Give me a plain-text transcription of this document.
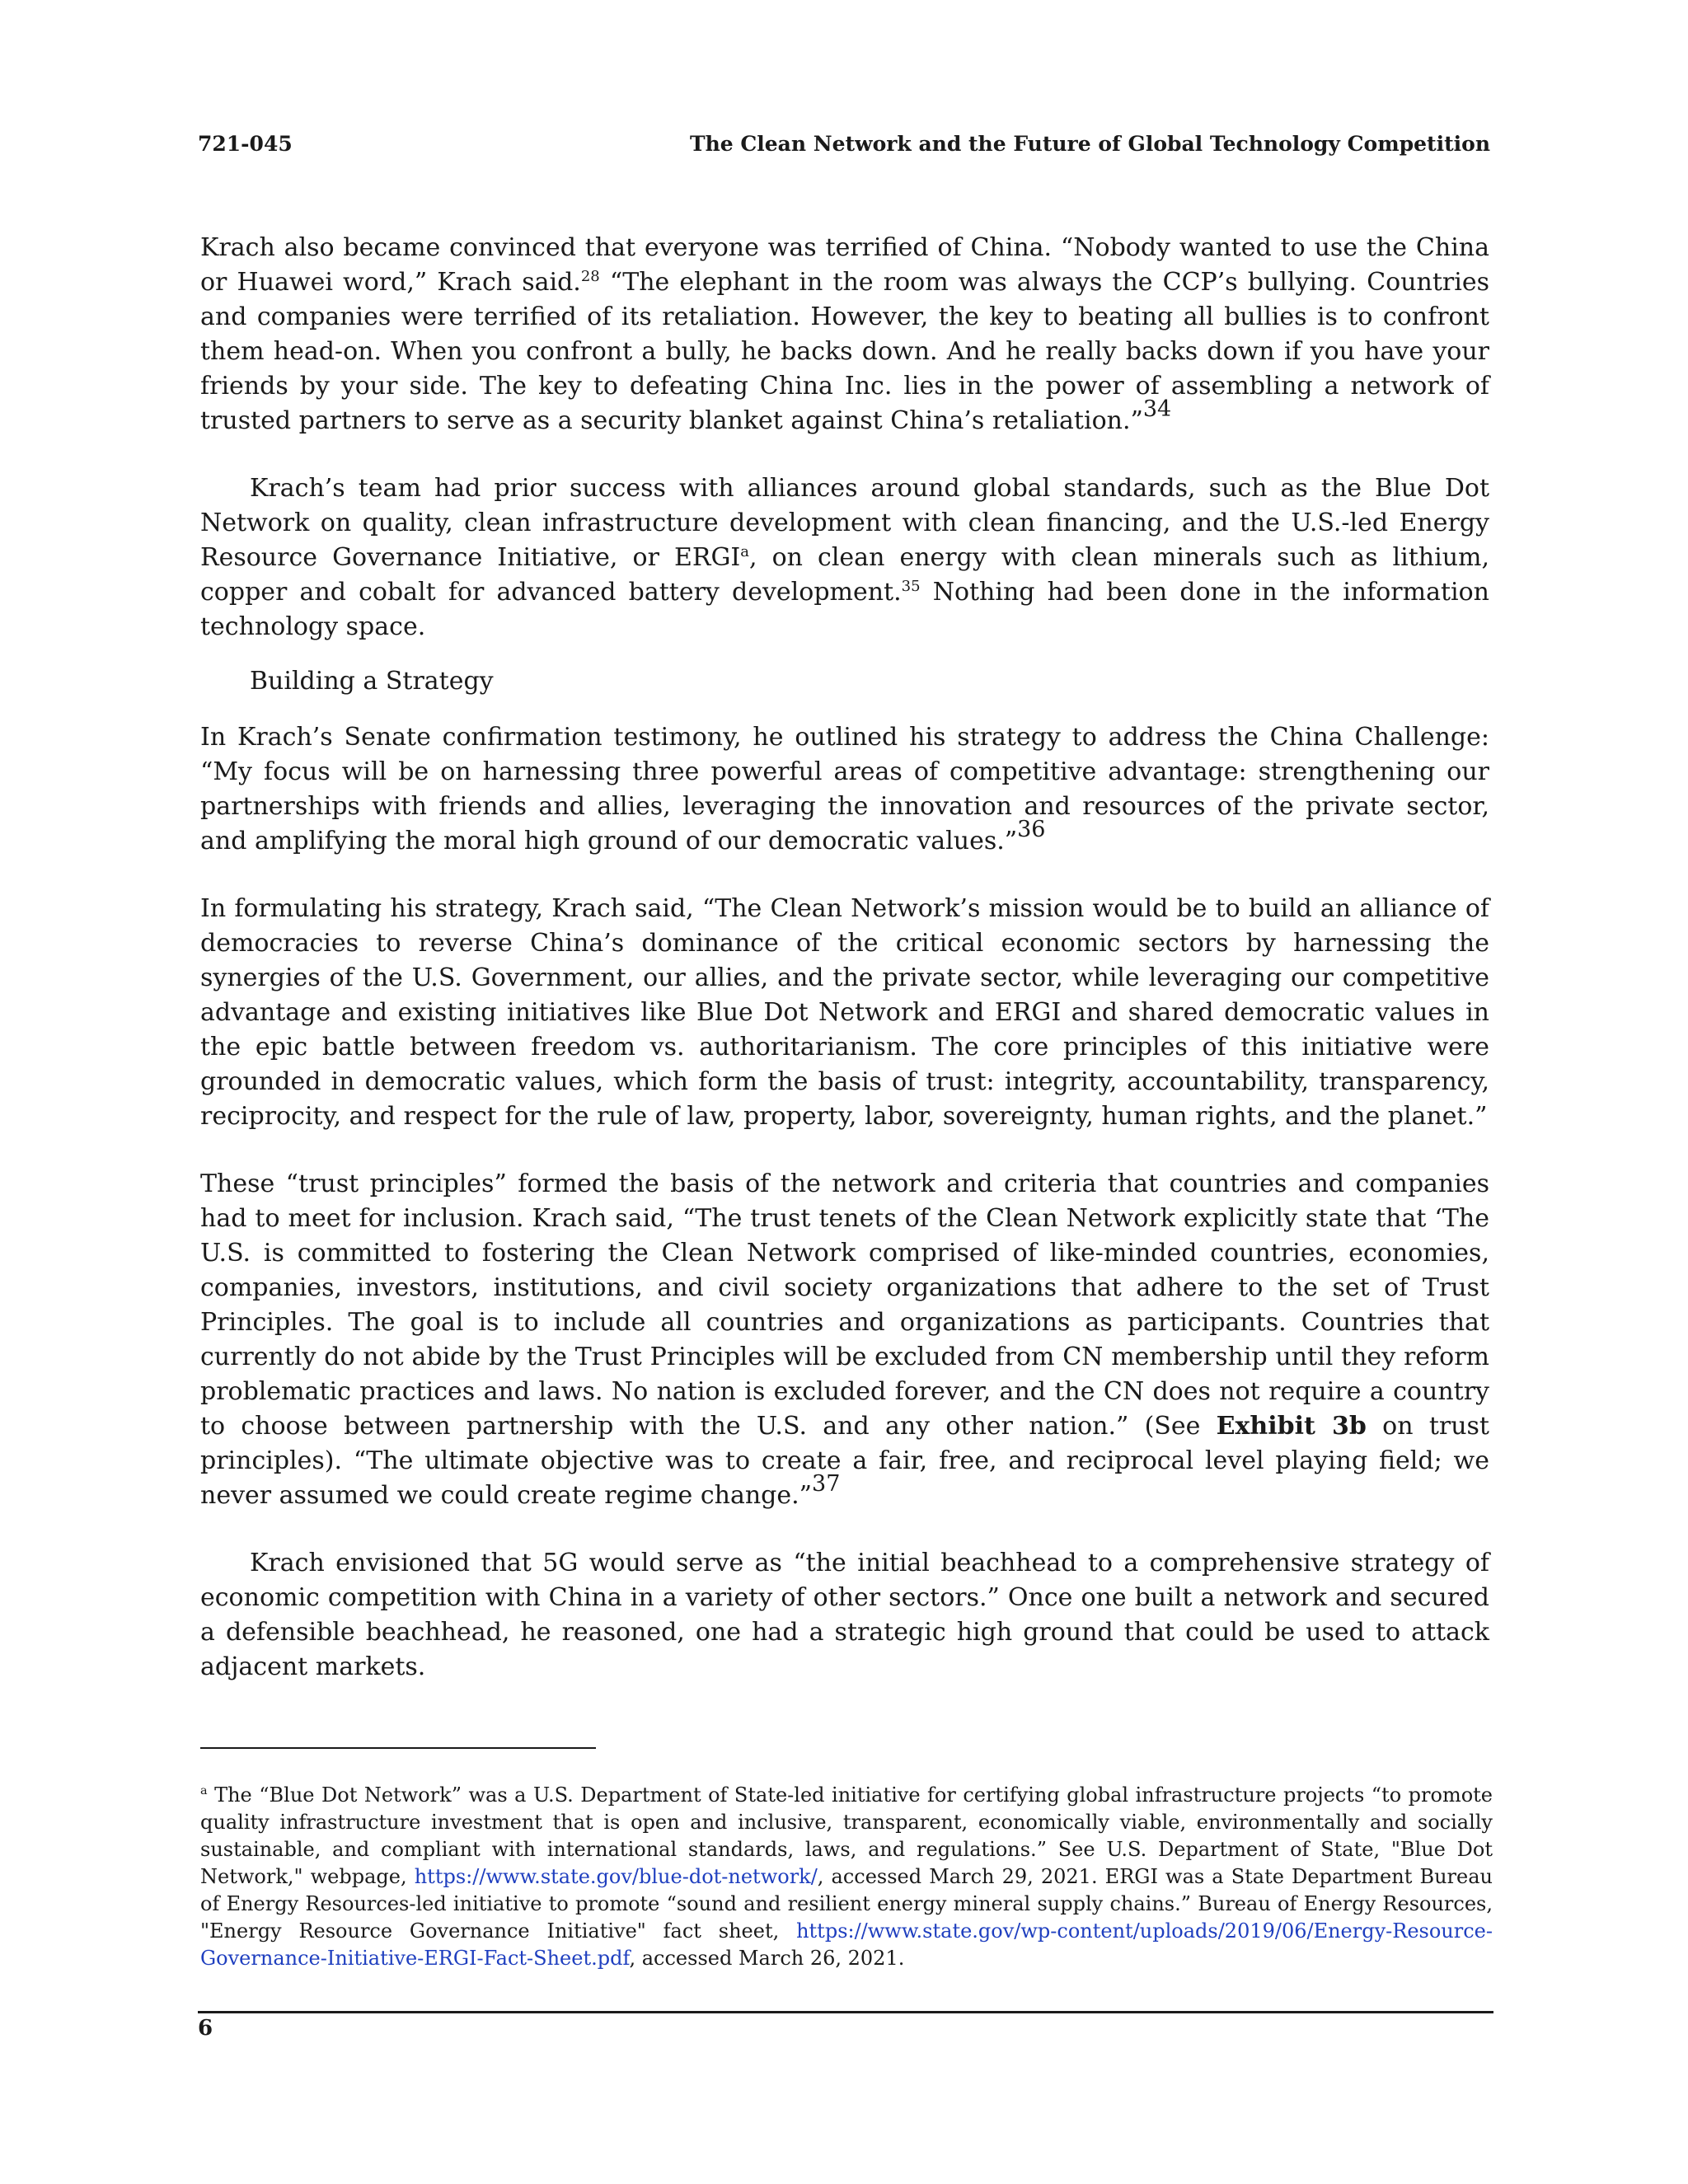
721-045	The Clean Network and the Future of Global Technology Competition

Krach also became convinced that everyone was terrified of China. “Nobody wanted to use the China or Huawei word,” Krach said.$^{28}$ “The elephant in the room was always the CCP’s bullying. Countries and companies were terrified of its retaliation. However, the key to beating all bullies is to confront them head-on. When you confront a bully, he backs down. And he really backs down if you have your friends by your side. The key to defeating China Inc. lies in the power of assembling a network of trusted partners to serve as a security blanket against China’s retaliation.”34

Krach’s team had prior success with alliances around global standards, such as the Blue Dot Network on quality, clean infrastructure development with clean financing, and the U.S.-led Energy Resource Governance Initiative, or ERGI$^a$, on clean energy with clean minerals such as lithium, copper and cobalt for advanced battery development.$^{35}$ Nothing had been done in the information technology space.

Building a Strategy

In Krach’s Senate confirmation testimony, he outlined his strategy to address the China Challenge: “My focus will be on harnessing three powerful areas of competitive advantage: strengthening our partnerships with friends and allies, leveraging the innovation and resources of the private sector, and amplifying the moral high ground of our democratic values.”36

In formulating his strategy, Krach said, “The Clean Network’s mission would be to build an alliance of democracies to reverse China’s dominance of the critical economic sectors by harnessing the synergies of the U.S. Government, our allies, and the private sector, while leveraging our competitive advantage and existing initiatives like Blue Dot Network and ERGI and shared democratic values in the epic battle between freedom vs. authoritarianism. The core principles of this initiative were grounded in democratic values, which form the basis of trust: integrity, accountability, transparency, reciprocity, and respect for the rule of law, property, labor, sovereignty, human rights, and the planet.”

These “trust principles” formed the basis of the network and criteria that countries and companies had to meet for inclusion. Krach said, “The trust tenets of the Clean Network explicitly state that ‘The U.S. is committed to fostering the Clean Network comprised of like-minded countries, economies, companies, investors, institutions, and civil society organizations that adhere to the set of Trust Principles. The goal is to include all countries and organizations as participants. Countries that currently do not abide by the Trust Principles will be excluded from CN membership until they reform problematic practices and laws. No nation is excluded forever, and the CN does not require a country to choose between partnership with the U.S. and any other nation.” (See Exhibit 3b on trust principles). “The ultimate objective was to create a fair, free, and reciprocal level playing field; we never assumed we could create regime change.”37

Krach envisioned that 5G would serve as “the initial beachhead to a comprehensive strategy of economic competition with China in a variety of other sectors.” Once one built a network and secured a defensible beachhead, he reasoned, one had a strategic high ground that could be used to attack adjacent markets.

$^a$ The “Blue Dot Network” was a U.S. Department of State-led initiative for certifying global infrastructure projects “to promote quality infrastructure investment that is open and inclusive, transparent, economically viable, environmentally and socially sustainable, and compliant with international standards, laws, and regulations.” See U.S. Department of State, "Blue Dot Network," webpage, https://www.state.gov/blue-dot-network/, accessed March 29, 2021. ERGI was a State Department Bureau of Energy Resources-led initiative to promote “sound and resilient energy mineral supply chains.” Bureau of Energy Resources, "Energy Resource Governance Initiative" fact sheet, https://www.state.gov/wp-content/uploads/2019/06/Energy-Resource-Governance-Initiative-ERGI-Fact-Sheet.pdf, accessed March 26, 2021.
6
